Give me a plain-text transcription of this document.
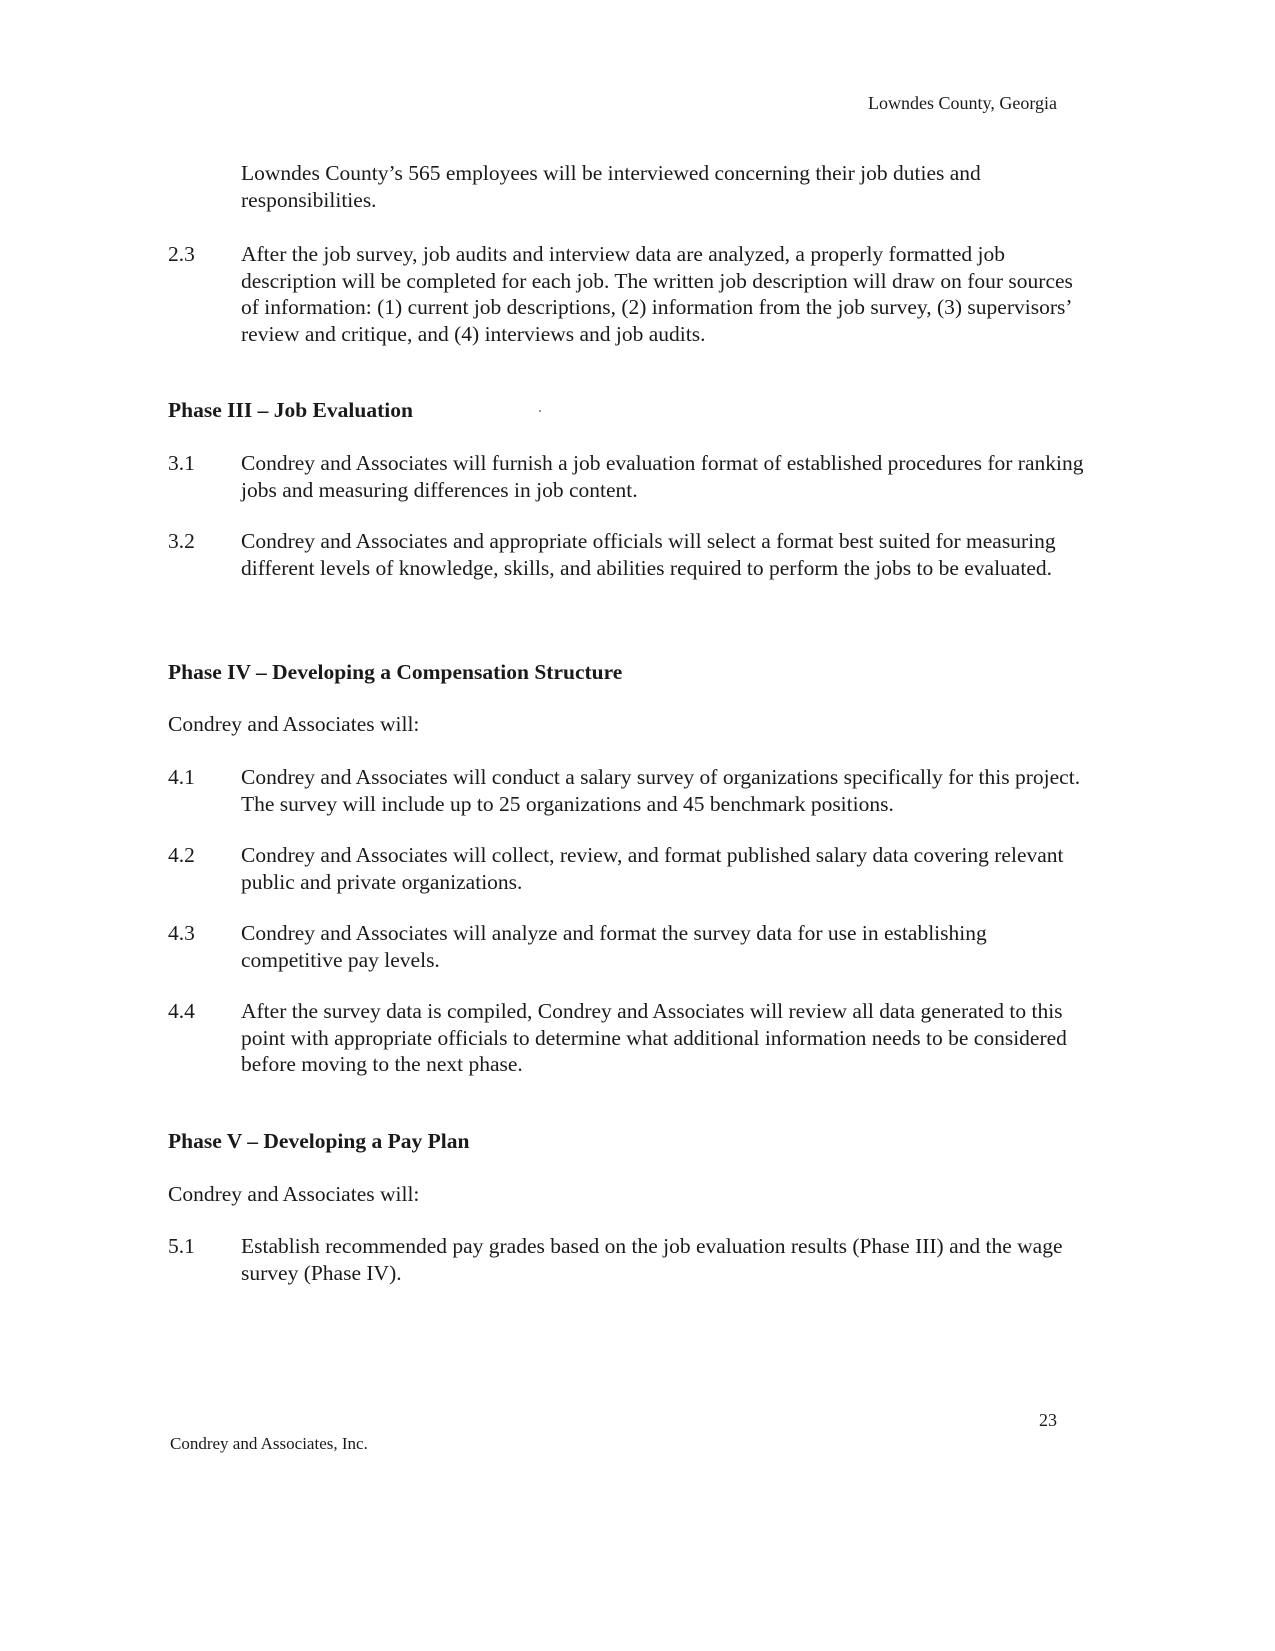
Lowndes County, Georgia
Lowndes County’s 565 employees will be interviewed concerning their job duties and responsibilities.
2.3	After the job survey, job audits and interview data are analyzed, a properly formatted job description will be completed for each job. The written job description will draw on four sources of information: (1) current job descriptions, (2) information from the job survey, (3) supervisors’ review and critique, and (4) interviews and job audits.
Phase III – Job Evaluation
3.1	Condrey and Associates will furnish a job evaluation format of established procedures for ranking jobs and measuring differences in job content.
3.2	Condrey and Associates and appropriate officials will select a format best suited for measuring different levels of knowledge, skills, and abilities required to perform the jobs to be evaluated.
Phase IV – Developing a Compensation Structure
Condrey and Associates will:
4.1	Condrey and Associates will conduct a salary survey of organizations specifically for this project. The survey will include up to 25 organizations and 45 benchmark positions.
4.2	Condrey and Associates will collect, review, and format published salary data covering relevant public and private organizations.
4.3	Condrey and Associates will analyze and format the survey data for use in establishing competitive pay levels.
4.4	After the survey data is compiled, Condrey and Associates will review all data generated to this point with appropriate officials to determine what additional information needs to be considered before moving to the next phase.
Phase V – Developing a Pay Plan
Condrey and Associates will:
5.1	Establish recommended pay grades based on the job evaluation results (Phase III) and the wage survey (Phase IV).
23
Condrey and Associates, Inc.
